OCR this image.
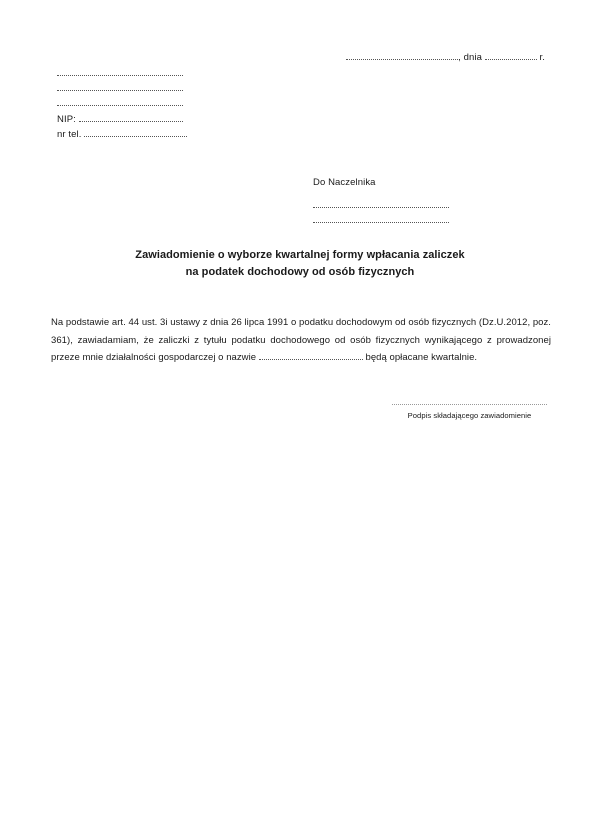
, dnia	r.
NIP:
nr tel.
Do Naczelnika
Zawiadomienie o wyborze kwartalnej formy wpłacania zaliczek
na podatek dochodowy od osób fizycznych
Na podstawie art. 44 ust. 3i ustawy z dnia 26 lipca 1991 o podatku dochodowym od osób fizycznych (Dz.U.2012, poz. 361), zawiadamiam, że zaliczki z tytułu podatku dochodowego od osób fizycznych wynikającego z prowadzonej przeze mnie działalności gospodarczej o nazwie	będą opłacane kwartalnie.
Podpis składającego zawiadomienie
